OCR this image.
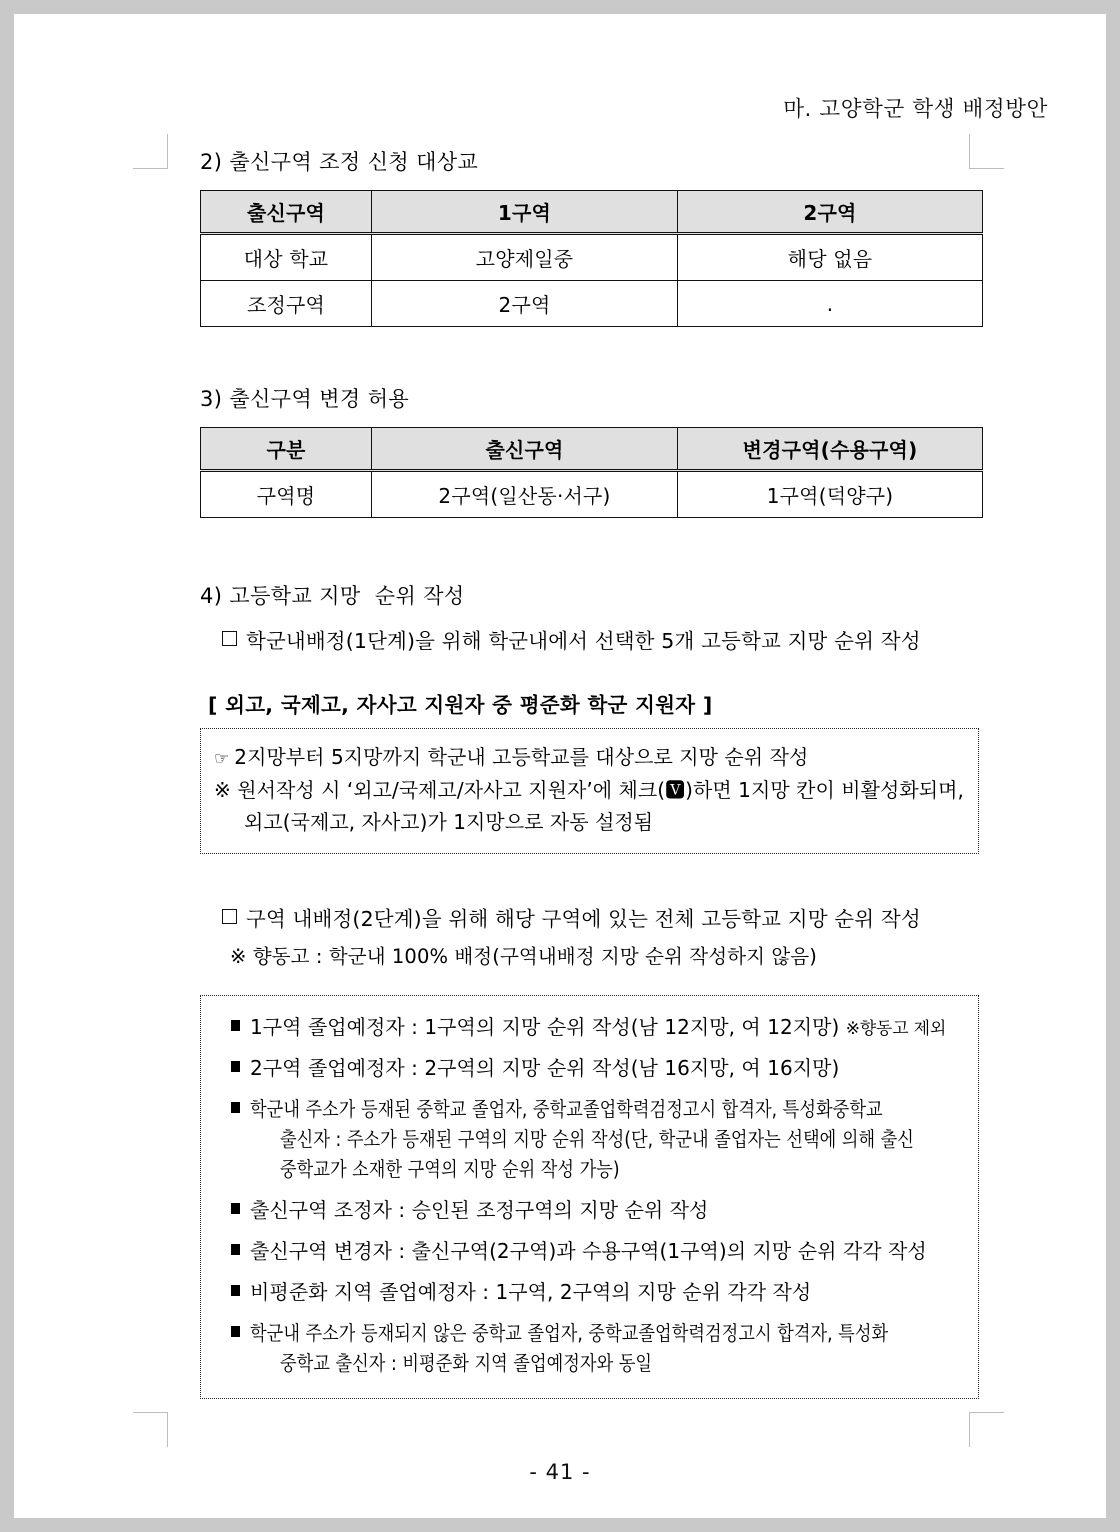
마. 고양학군 학생 배정방안
2) 출신구역 조정 신청 대상교
출신구역	1구역	2구역
대상 학교	고양제일중	해당 없음
조정구역	2구역	.
3) 출신구역 변경 허용
구분	출신구역	변경구역(수용구역)
구역명	2구역(일산동·서구)	1구역(덕양구)
4) 고등학교 지망  순위 작성
학군내배정(1단계)을 위해 학군내에서 선택한 5개 고등학교 지망 순위 작성
[ 외고, 국제고, 자사고 지원자 중 평준화 학군 지원자 ]
☞ 2지망부터 5지망까지 학군내 고등학교를 대상으로 지망 순위 작성
※ 원서작성 시 ‘외고/국제고/자사고 지원자’에 체크(🆅)하면 1지망 칸이 비활성화되며,
외고(국제고, 자사고)가 1지망으로 자동 설정됨
구역 내배정(2단계)을 위해 해당 구역에 있는 전체 고등학교 지망 순위 작성
※ 향동고 : 학군내 100% 배정(구역내배정 지망 순위 작성하지 않음)
1구역 졸업예정자 : 1구역의 지망 순위 작성(남 12지망, 여 12지망) ※향동고 제외
2구역 졸업예정자 : 2구역의 지망 순위 작성(남 16지망, 여 16지망)
학군내 주소가 등재된 중학교 졸업자, 중학교졸업학력검정고시 합격자, 특성화중학교
출신자 : 주소가 등재된 구역의 지망 순위 작성(단, 학군내 졸업자는 선택에 의해 출신
중학교가 소재한 구역의 지망 순위 작성 가능)
출신구역 조정자 : 승인된 조정구역의 지망 순위 작성
출신구역 변경자 : 출신구역(2구역)과 수용구역(1구역)의 지망 순위 각각 작성
비평준화 지역 졸업예정자 : 1구역, 2구역의 지망 순위 각각 작성
학군내 주소가 등재되지 않은 중학교 졸업자, 중학교졸업학력검정고시 합격자, 특성화
중학교 출신자 : 비평준화 지역 졸업예정자와 동일
- 41 -
